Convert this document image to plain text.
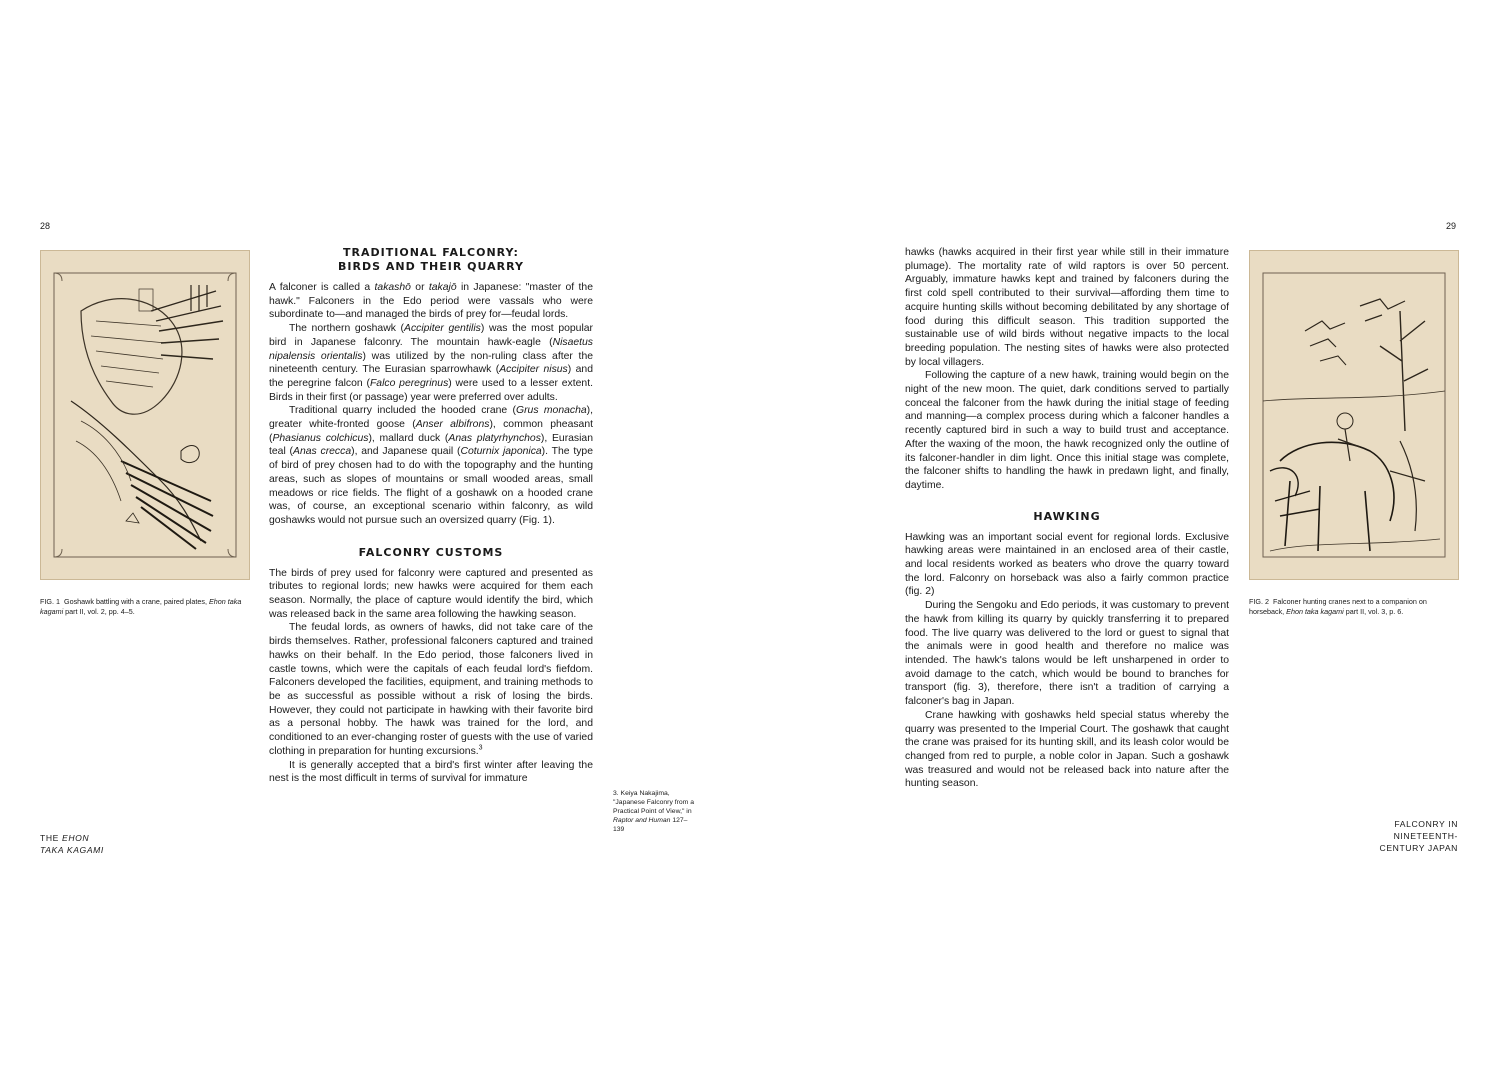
28	29
FIG. 1 Goshawk battling with a crane, paired plates, Ehon taka kagami part II, vol. 2, pp. 4–5.
THE EHON
TAKA KAGAMI
TRADITIONAL FALCONRY:
BIRDS AND THEIR QUARRY

A falconer is called a takashō or takajō in Japanese: "master of the hawk." Falconers in the Edo period were vassals who were subordinate to—and managed the birds of prey for—feudal lords.

The northern goshawk (Accipiter gentilis) was the most popular bird in Japanese falconry. The mountain hawk-eagle (Nisaetus nipalensis orientalis) was utilized by the non-ruling class after the nineteenth century. The Eurasian sparrowhawk (Accipiter nisus) and the peregrine falcon (Falco peregrinus) were used to a lesser extent. Birds in their first (or passage) year were preferred over adults.

Traditional quarry included the hooded crane (Grus monacha), greater white-fronted goose (Anser albifrons), common pheasant (Phasianus colchicus), mallard duck (Anas platyrhynchos), Eurasian teal (Anas crecca), and Japanese quail (Coturnix japonica). The type of bird of prey chosen had to do with the topography and the hunting areas, such as slopes of mountains or small wooded areas, small meadows or rice fields. The flight of a goshawk on a hooded crane was, of course, an exceptional scenario within falconry, as wild goshawks would not pursue such an oversized quarry (Fig. 1).

FALCONRY CUSTOMS

The birds of prey used for falconry were captured and presented as tributes to regional lords; new hawks were acquired for them each season. Normally, the place of capture would identify the bird, which was released back in the same area following the hawking season.

The feudal lords, as owners of hawks, did not take care of the birds themselves. Rather, professional falconers captured and trained hawks on their behalf. In the Edo period, those falconers lived in castle towns, which were the capitals of each feudal lord's fiefdom. Falconers developed the facilities, equipment, and training methods to be as successful as possible without a risk of losing the birds. However, they could not participate in hawking with their favorite bird as a personal hobby. The hawk was trained for the lord, and conditioned to an ever-changing roster of guests with the use of varied clothing in preparation for hunting excursions.$^3$

It is generally accepted that a bird's first winter after leaving the nest is the most difficult in terms of survival for immature

3. Keiya Nakajima, "Japanese Falconry from a Practical Point of View," in Raptor and Human 127–139

hawks (hawks acquired in their first year while still in their immature plumage). The mortality rate of wild raptors is over 50 percent. Arguably, immature hawks kept and trained by falconers during the first cold spell contributed to their survival—affording them time to acquire hunting skills without becoming debilitated by any shortage of food during this difficult season. This tradition supported the sustainable use of wild birds without negative impacts to the local breeding population. The nesting sites of hawks were also protected by local villagers.

Following the capture of a new hawk, training would begin on the night of the new moon. The quiet, dark conditions served to partially conceal the falconer from the hawk during the initial stage of feeding and manning—a complex process during which a falconer handles a recently captured bird in such a way to build trust and acceptance. After the waxing of the moon, the hawk recognized only the outline of its falconer-handler in dim light. Once this initial stage was complete, the falconer shifts to handling the hawk in predawn light, and finally, daytime.

HAWKING

Hawking was an important social event for regional lords. Exclusive hawking areas were maintained in an enclosed area of their castle, and local residents worked as beaters who drove the quarry toward the lord. Falconry on horseback was also a fairly common practice (fig. 2)

During the Sengoku and Edo periods, it was customary to prevent the hawk from killing its quarry by quickly transferring it to prepared food. The live quarry was delivered to the lord or guest to signal that the animals were in good health and therefore no malice was intended. The hawk's talons would be left unsharpened in order to avoid damage to the catch, which would be bound to branches for transport (fig. 3), therefore, there isn't a tradition of carrying a falconer's bag in Japan.

Crane hawking with goshawks held special status whereby the quarry was presented to the Imperial Court. The goshawk that caught the crane was praised for its hunting skill, and its leash color would be changed from red to purple, a noble color in Japan. Such a goshawk was treasured and would not be released back into nature after the hunting season.

FIG. 2 Falconer hunting cranes next to a companion on horseback, Ehon taka kagami part II, vol. 3, p. 6.
FALCONRY IN
NINETEENTH-
CENTURY JAPAN
